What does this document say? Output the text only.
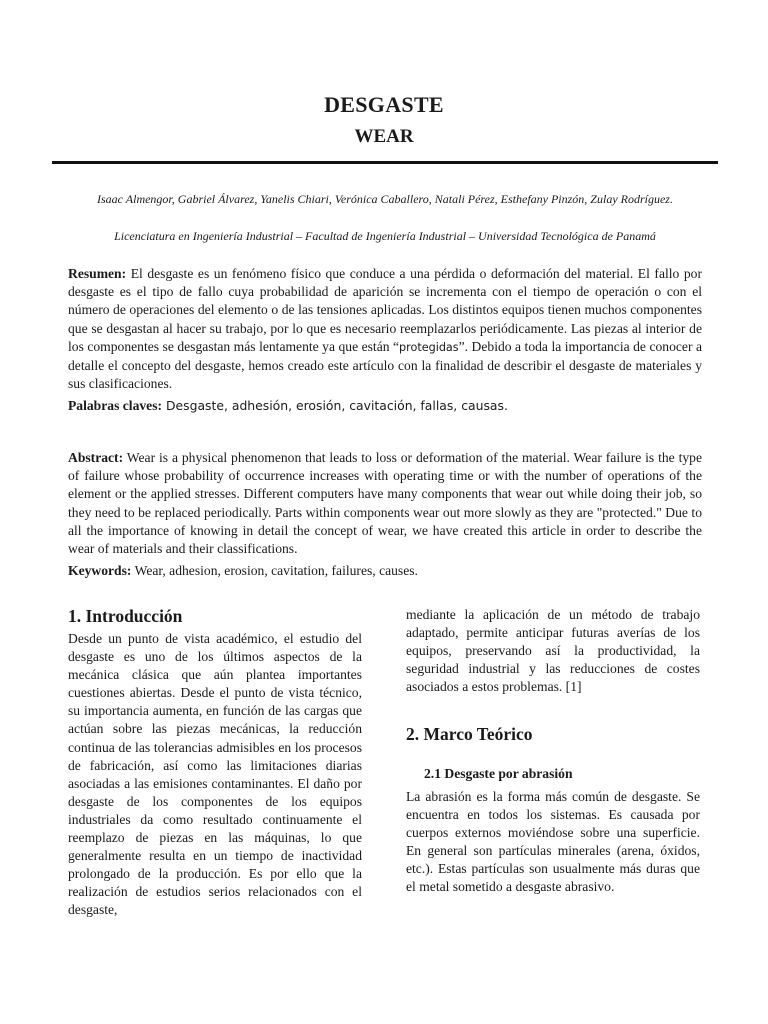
DESGASTE
WEAR
Isaac Almengor, Gabriel Álvarez, Yanelis Chiari, Verónica Caballero, Natali Pérez, Esthefany Pinzón, Zulay Rodríguez.
Licenciatura en Ingeniería Industrial – Facultad de Ingeniería Industrial – Universidad Tecnológica de Panamá
Resumen: El desgaste es un fenómeno físico que conduce a una pérdida o deformación del material. El fallo por desgaste es el tipo de fallo cuya probabilidad de aparición se incrementa con el tiempo de operación o con el número de operaciones del elemento o de las tensiones aplicadas. Los distintos equipos tienen muchos componentes que se desgastan al hacer su trabajo, por lo que es necesario reemplazarlos periódicamente. Las piezas al interior de los componentes se desgastan más lentamente ya que están “protegidas”. Debido a toda la importancia de conocer a detalle el concepto del desgaste, hemos creado este artículo con la finalidad de describir el desgaste de materiales y sus clasificaciones.
Palabras claves: Desgaste, adhesión, erosión, cavitación, fallas, causas.
Abstract: Wear is a physical phenomenon that leads to loss or deformation of the material. Wear failure is the type of failure whose probability of occurrence increases with operating time or with the number of operations of the element or the applied stresses. Different computers have many components that wear out while doing their job, so they need to be replaced periodically. Parts within components wear out more slowly as they are "protected." Due to all the importance of knowing in detail the concept of wear, we have created this article in order to describe the wear of materials and their classifications.
Keywords: Wear, adhesion, erosion, cavitation, failures, causes.
1. Introducción
Desde un punto de vista académico, el estudio del desgaste es uno de los últimos aspectos de la mecánica clásica que aún plantea importantes cuestiones abiertas. Desde el punto de vista técnico, su importancia aumenta, en función de las cargas que actúan sobre las piezas mecánicas, la reducción continua de las tolerancias admisibles en los procesos de fabricación, así como las limitaciones diarias asociadas a las emisiones contaminantes. El daño por desgaste de los componentes de los equipos industriales da como resultado continuamente el reemplazo de piezas en las máquinas, lo que generalmente resulta en un tiempo de inactividad prolongado de la producción. Es por ello que la realización de estudios serios relacionados con el desgaste,
mediante la aplicación de un método de trabajo adaptado, permite anticipar futuras averías de los equipos, preservando así la productividad, la seguridad industrial y las reducciones de costes asociados a estos problemas. [1]
2. Marco Teórico
2.1 Desgaste por abrasión
La abrasión es la forma más común de desgaste. Se encuentra en todos los sistemas. Es causada por cuerpos externos moviéndose sobre una superficie. En general son partículas minerales (arena, óxidos, etc.). Estas partículas son usualmente más duras que el metal sometido a desgaste abrasivo.
